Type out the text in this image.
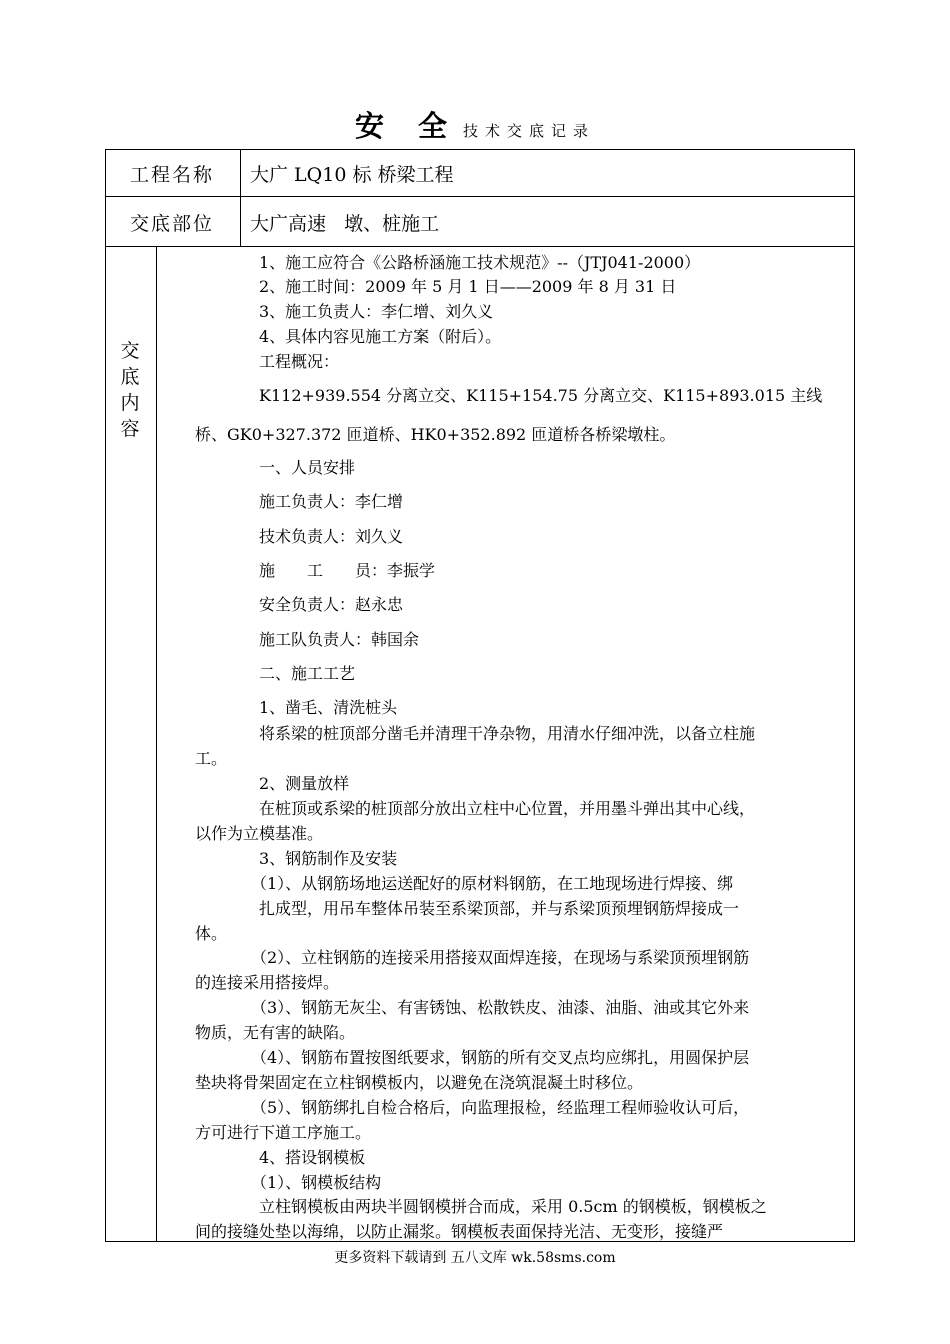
安 全 技术交底记录
工程名称 大广 LQ10 标 桥梁工程
交底部位 大广高速   墩、桩施工
交
底
内
容
　　　　1、施工应符合《公路桥涵施工技术规范》--（JTJ041-2000）
　　　　2、施工时间：2009 年 5 月 1 日——2009 年 8 月 31 日
　　　　3、施工负责人：李仁增、刘久义
　　　　4、具体内容见施工方案（附后）。
　　　　工程概况：
　　　　K112+939.554 分离立交、K115+154.75 分离立交、K115+893.015 主线
桥、GK0+327.372 匝道桥、HK0+352.892 匝道桥各桥梁墩柱。
　　　　一、人员安排
　　　　施工负责人：李仁增
　　　　技术负责人：刘久义
　　　　施　　工　　员：李振学
　　　　安全负责人：赵永忠
　　　　施工队负责人：韩国余
　　　　二、施工工艺
　　　　1、凿毛、清洗桩头
　　　　将系梁的桩顶部分凿毛并清理干净杂物，用清水仔细冲洗，以备立柱施
工。
　　　　2、测量放样
　　　　在桩顶或系梁的桩顶部分放出立柱中心位置，并用墨斗弹出其中心线，
以作为立模基准。
　　　　3、钢筋制作及安装
　　　　（1）、从钢筋场地运送配好的原材料钢筋，在工地现场进行焊接、绑
　　　　扎成型，用吊车整体吊装至系梁顶部，并与系梁顶预埋钢筋焊接成一
体。
　　　　（2）、立柱钢筋的连接采用搭接双面焊连接，在现场与系梁顶预埋钢筋
的连接采用搭接焊。
　　　　（3）、钢筋无灰尘、有害锈蚀、松散铁皮、油漆、油脂、油或其它外来
物质，无有害的缺陷。
　　　　（4）、钢筋布置按图纸要求，钢筋的所有交叉点均应绑扎，用圆保护层
垫块将骨架固定在立柱钢模板内，以避免在浇筑混凝土时移位。
　　　　（5）、钢筋绑扎自检合格后，向监理报检，经监理工程师验收认可后，
方可进行下道工序施工。
　　　　4、搭设钢模板
　　　　（1）、钢模板结构
　　　　立柱钢模板由两块半圆钢模拼合而成，采用 0.5cm 的钢模板，钢模板之
间的接缝处垫以海绵，以防止漏浆。钢模板表面保持光洁、无变形，接缝严
更多资料下载请到 五八文库 wk.58sms.com
